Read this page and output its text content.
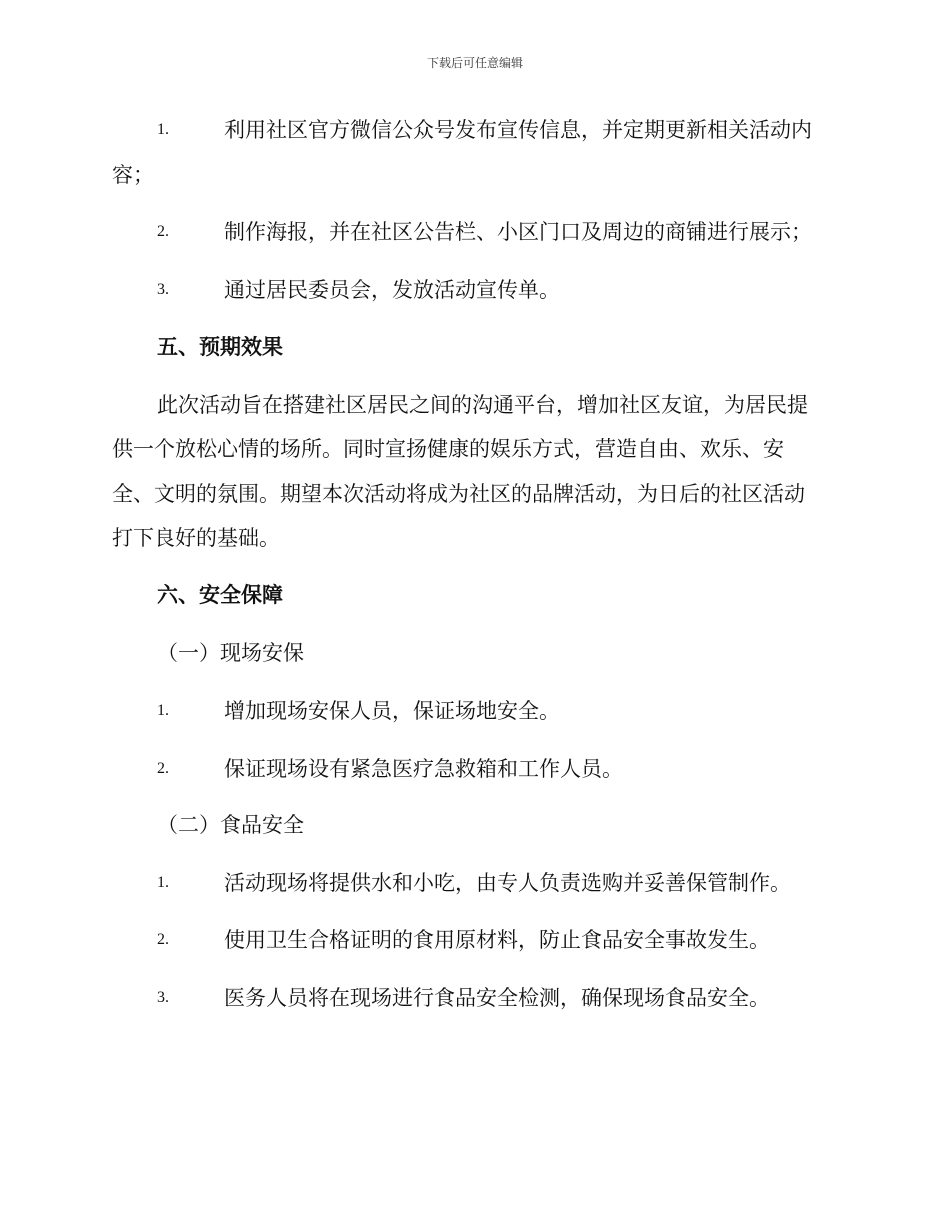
下载后可任意编辑
1.	利用社区官方微信公众号发布宣传信息，并定期更新相关活动内
容；
2.	制作海报，并在社区公告栏、小区门口及周边的商铺进行展示；
3.	通过居民委员会，发放活动宣传单。
五、预期效果
此次活动旨在搭建社区居民之间的沟通平台，增加社区友谊，为居民提
供一个放松心情的场所。同时宣扬健康的娱乐方式，营造自由、欢乐、安
全、文明的氛围。期望本次活动将成为社区的品牌活动，为日后的社区活动
打下良好的基础。
六、安全保障
（一）现场安保
1.	增加现场安保人员，保证场地安全。
2.	保证现场设有紧急医疗急救箱和工作人员。
（二）食品安全
1.	活动现场将提供水和小吃，由专人负责选购并妥善保管制作。
2.	使用卫生合格证明的食用原材料，防止食品安全事故发生。
3.	医务人员将在现场进行食品安全检测，确保现场食品安全。
